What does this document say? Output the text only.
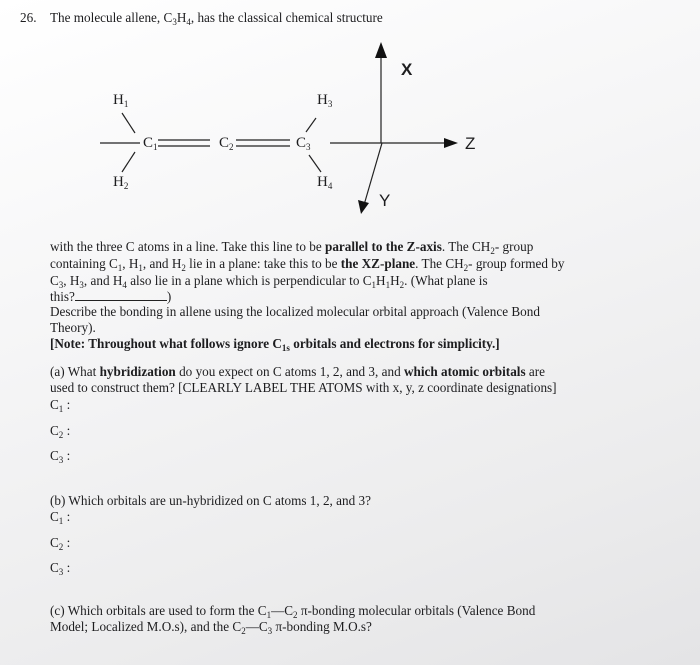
26. The molecule allene, $C_3H_4$, has the classical chemical structure
$H_1$	$H_3$
$C_1$	$C_2$	$C_3$
$H_2$	$H_4$
X
Z
Y
with the three C atoms in a line. Take this line to be parallel to the Z-axis. The $CH_2-$ group
containing $C_1$, $H_1$, and $H_2$ lie in a plane: take this to be the XZ-plane. The $CH_2-$ group formed by
$C_3$, $H_3$, and $H_4$ also lie in a plane which is perpendicular to $C_1H_1H_2$. (What plane is
this?	)
Describe the bonding in allene using the localized molecular orbital approach (Valence Bond
Theory).
[Note: Throughout what follows ignore $C_{1s}$ orbitals and electrons for simplicity.]
(a) What hybridization do you expect on C atoms 1, 2, and 3, and which atomic orbitals are
used to construct them? [CLEARLY LABEL THE ATOMS with x, y, z coordinate designations]
$C_1$ :
$C_2$ :
$C_3$ :
(b) Which orbitals are un-hybridized on C atoms 1, 2, and 3?
$C_1$ :
$C_2$ :
$C_3$ :
(c) Which orbitals are used to form the $C_1—C_2$ π-bonding molecular orbitals (Valence Bond
Model; Localized M.O.s), and the $C_2—C_3$ π-bonding M.O.s?
